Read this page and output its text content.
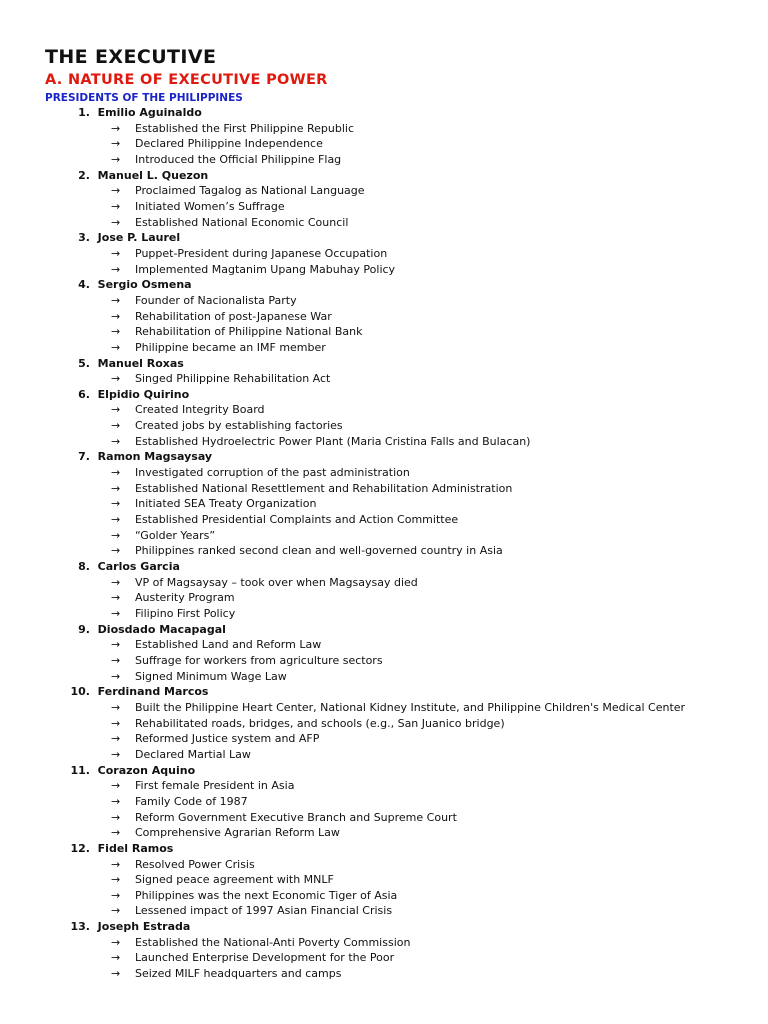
THE EXECUTIVE
A. NATURE OF EXECUTIVE POWER
PRESIDENTS OF THE PHILIPPINES
1. Emilio Aguinaldo
→ Established the First Philippine Republic
→ Declared Philippine Independence
→ Introduced the Official Philippine Flag
2. Manuel L. Quezon
→ Proclaimed Tagalog as National Language
→ Initiated Women’s Suffrage
→ Established National Economic Council
3. Jose P. Laurel
→ Puppet-President during Japanese Occupation
→ Implemented Magtanim Upang Mabuhay Policy
4. Sergio Osmena
→ Founder of Nacionalista Party
→ Rehabilitation of post-Japanese War
→ Rehabilitation of Philippine National Bank
→ Philippine became an IMF member
5. Manuel Roxas
→ Singed Philippine Rehabilitation Act
6. Elpidio Quirino
→ Created Integrity Board
→ Created jobs by establishing factories
→ Established Hydroelectric Power Plant (Maria Cristina Falls and Bulacan)
7. Ramon Magsaysay
→ Investigated corruption of the past administration
→ Established National Resettlement and Rehabilitation Administration
→ Initiated SEA Treaty Organization
→ Established Presidential Complaints and Action Committee
→ “Golder Years”
→ Philippines ranked second clean and well-governed country in Asia
8. Carlos Garcia
→ VP of Magsaysay – took over when Magsaysay died
→ Austerity Program
→ Filipino First Policy
9. Diosdado Macapagal
→ Established Land and Reform Law
→ Suffrage for workers from agriculture sectors
→ Signed Minimum Wage Law
10. Ferdinand Marcos
→ Built the Philippine Heart Center, National Kidney Institute, and Philippine Children's Medical Center
→ Rehabilitated roads, bridges, and schools (e.g., San Juanico bridge)
→ Reformed Justice system and AFP
→ Declared Martial Law
11. Corazon Aquino
→ First female President in Asia
→ Family Code of 1987
→ Reform Government Executive Branch and Supreme Court
→ Comprehensive Agrarian Reform Law
12. Fidel Ramos
→ Resolved Power Crisis
→ Signed peace agreement with MNLF
→ Philippines was the next Economic Tiger of Asia
→ Lessened impact of 1997 Asian Financial Crisis
13. Joseph Estrada
→ Established the National-Anti Poverty Commission
→ Launched Enterprise Development for the Poor
→ Seized MILF headquarters and camps
